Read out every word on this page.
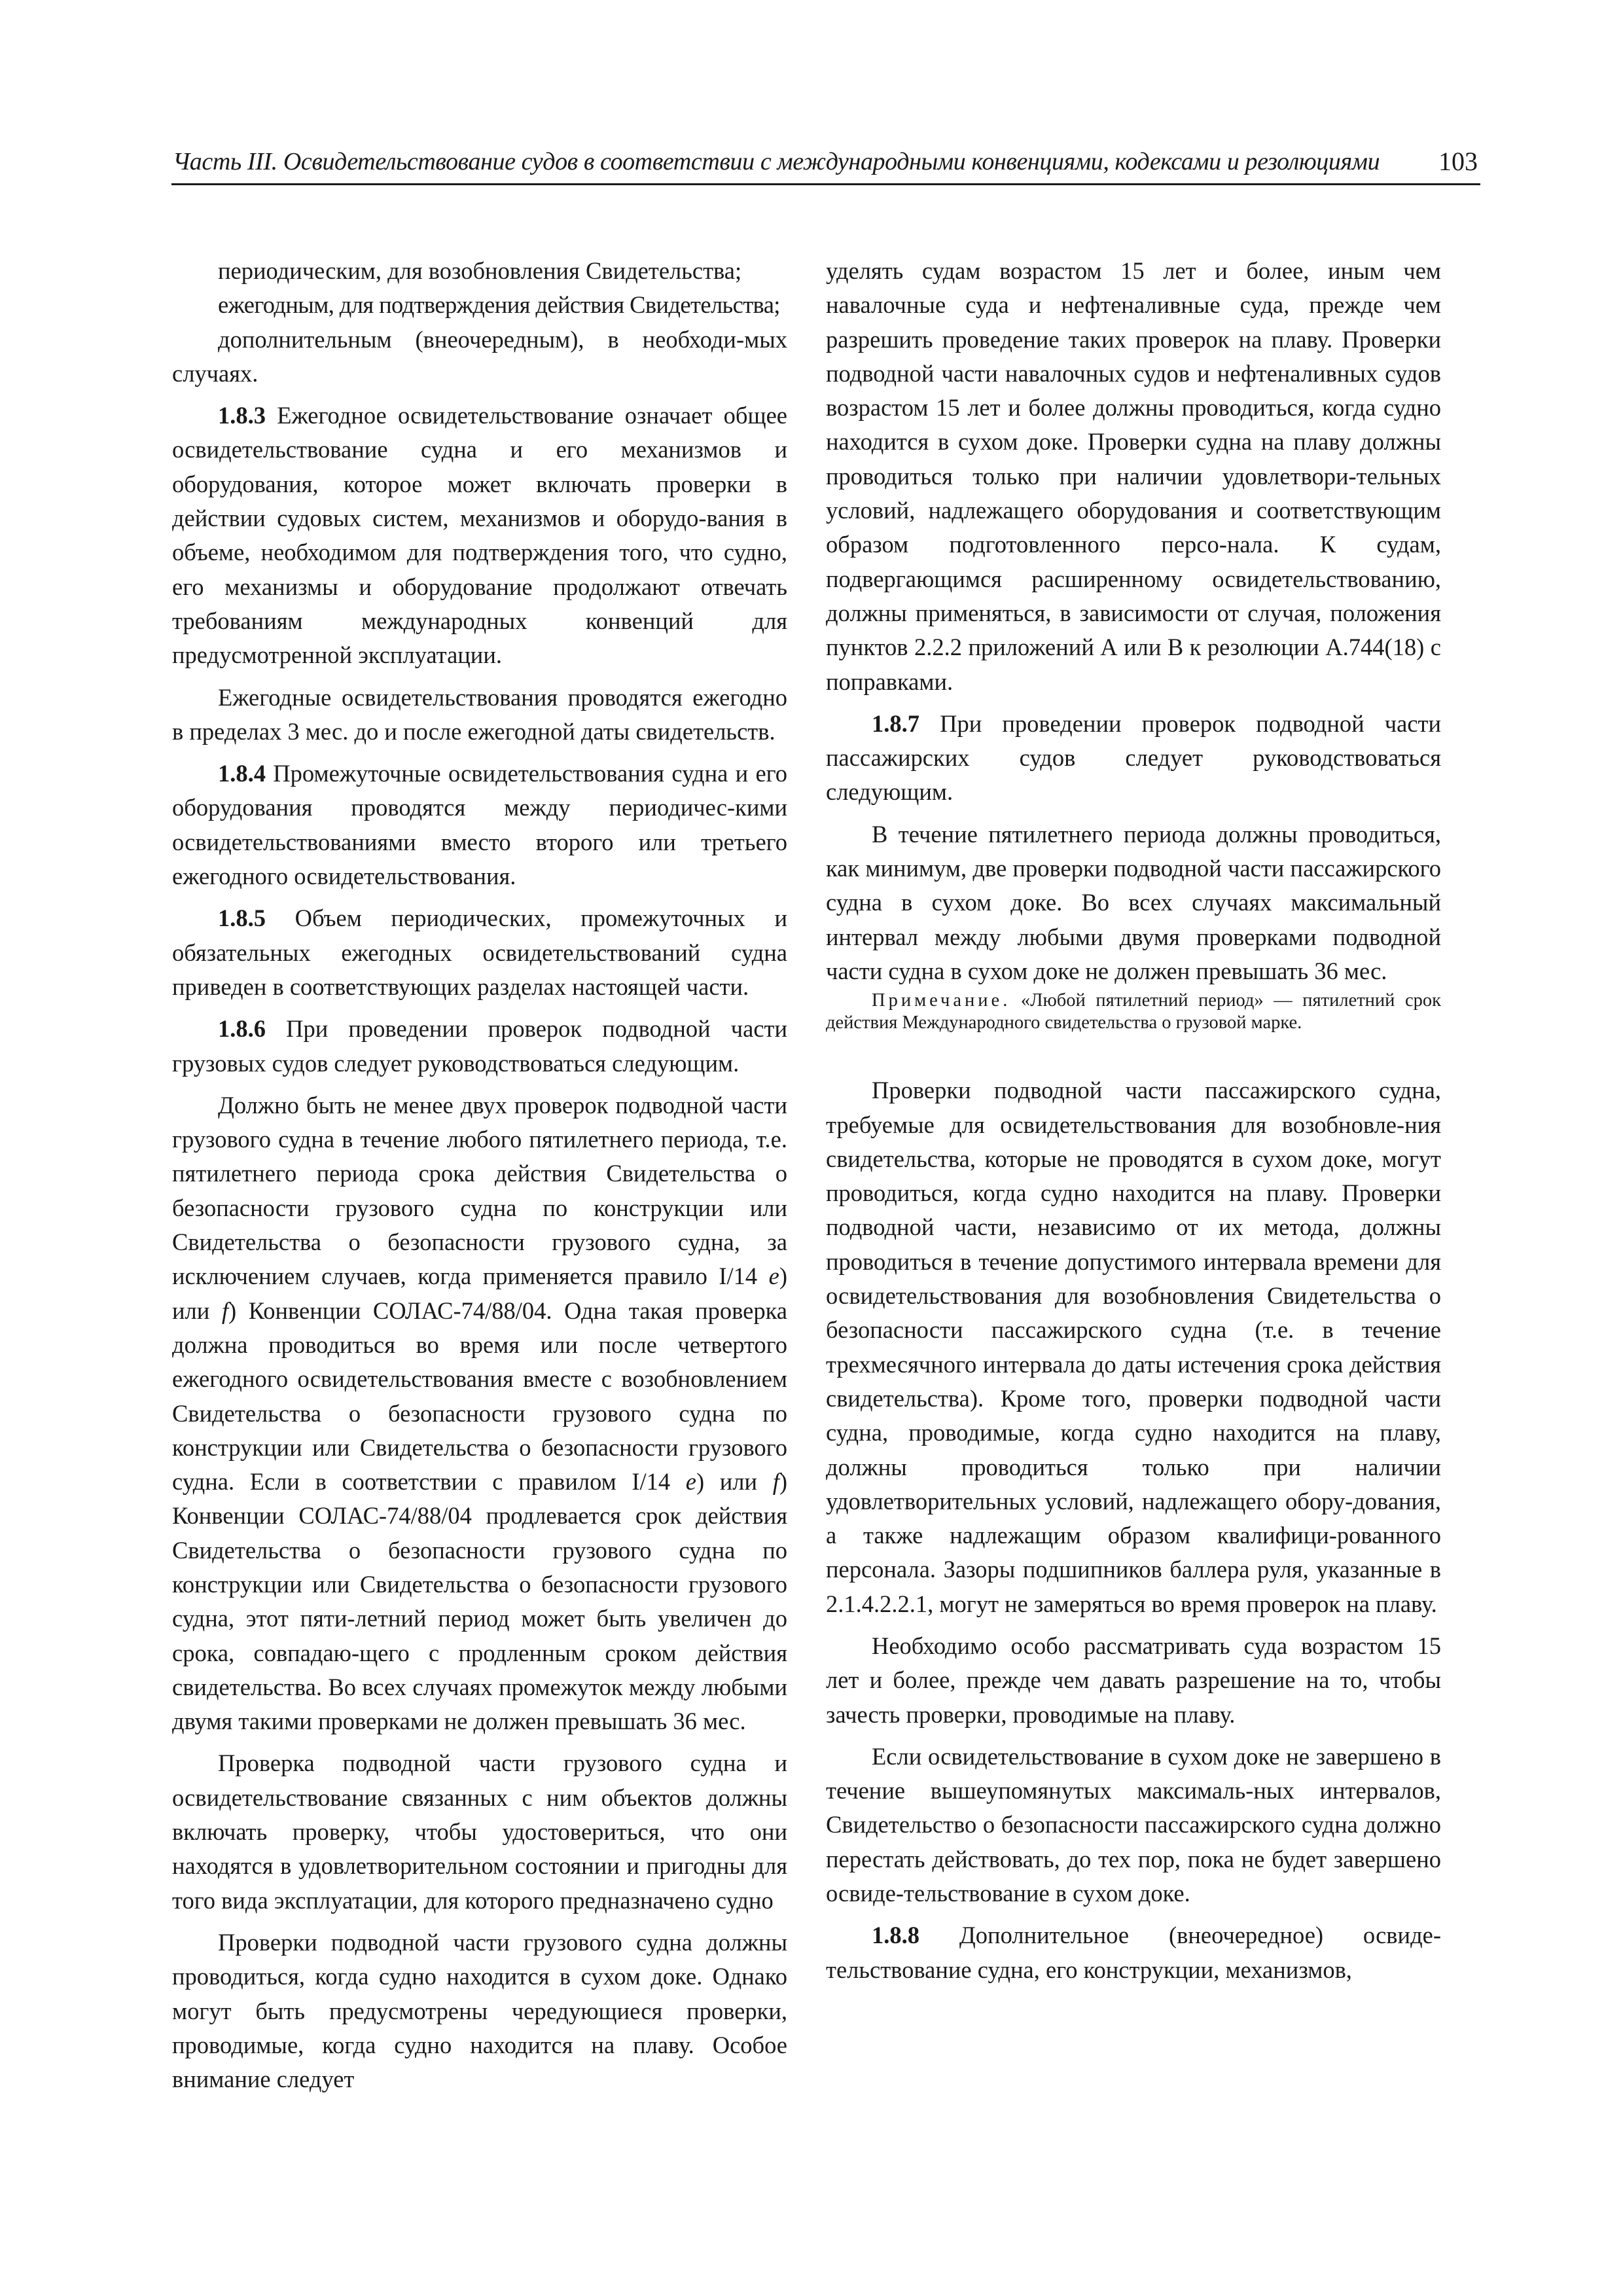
Часть III. Освидетельствование судов в соответствии с международными конвенциями, кодексами и резолюциями 103

периодическим, для возобновления Свидетельства;

ежегодным, для подтверждения действия Свидетельства;

дополнительным (внеочередным), в необходи-мых случаях.

1.8.3 Ежегодное освидетельствование означает общее освидетельствование судна и его механизмов и оборудования, которое может включать проверки в действии судовых систем, механизмов и оборудо-вания в объеме, необходимом для подтверждения того, что судно, его механизмы и оборудование продолжают отвечать требованиям международных конвенций для предусмотренной эксплуатации.

Ежегодные освидетельствования проводятся ежегодно в пределах 3 мес. до и после ежегодной даты свидетельств.

1.8.4 Промежуточные освидетельствования судна и его оборудования проводятся между периодичес-кими освидетельствованиями вместо второго или третьего ежегодного освидетельствования.

1.8.5 Объем периодических, промежуточных и обязательных ежегодных освидетельствований судна приведен в соответствующих разделах настоящей части.

1.8.6 При проведении проверок подводной части грузовых судов следует руководствоваться следующим.

Должно быть не менее двух проверок подводной части грузового судна в течение любого пятилетнего периода, т.е. пятилетнего периода срока действия Свидетельства о безопасности грузового судна по конструкции или Свидетельства о безопасности грузового судна, за исключением случаев, когда применяется правило I/14 e) или f) Конвенции СОЛАС-74/88/04. Одна такая проверка должна проводиться во время или после четвертого ежегодного освидетельствования вместе с возобновлением Свидетельства о безопасности грузового судна по конструкции или Свидетельства о безопасности грузового судна. Если в соответствии с правилом I/14 e) или f) Конвенции СОЛАС-74/88/04 продлевается срок действия Свидетельства о безопасности грузового судна по конструкции или Свидетельства о безопасности грузового судна, этот пяти-летний период может быть увеличен до срока, совпадаю-щего с продленным сроком действия свидетельства. Во всех случаях промежуток между любыми двумя такими проверками не должен превышать 36 мес.

Проверка подводной части грузового судна и освидетельствование связанных с ним объектов должны включать проверку, чтобы удостовериться, что они находятся в удовлетворительном состоянии и пригодны для того вида эксплуатации, для которого предназначено судно

Проверки подводной части грузового судна должны проводиться, когда судно находится в сухом доке. Однако могут быть предусмотрены чередующиеся проверки, проводимые, когда судно находится на плаву. Особое внимание следует

уделять судам возрастом 15 лет и более, иным чем навалочные суда и нефтеналивные суда, прежде чем разрешить проведение таких проверок на плаву. Проверки подводной части навалочных судов и нефтеналивных судов возрастом 15 лет и более должны проводиться, когда судно находится в сухом доке. Проверки судна на плаву должны проводиться только при наличии удовлетвори-тельных условий, надлежащего оборудования и соответствующим образом подготовленного персо-нала. К судам, подвергающимся расширенному освидетельствованию, должны применяться, в зависимости от случая, положения пунктов 2.2.2 приложений А или В к резолюции А.744(18) с поправками.

1.8.7 При проведении проверок подводной части пассажирских судов следует руководствоваться следующим.

В течение пятилетнего периода должны проводиться, как минимум, две проверки подводной части пассажирского судна в сухом доке. Во всех случаях максимальный интервал между любыми двумя проверками подводной части судна в сухом доке не должен превышать 36 мес.

Примечание. «Любой пятилетний период» — пятилетний срок действия Международного свидетельства о грузовой марке.

Проверки подводной части пассажирского судна, требуемые для освидетельствования для возобновле-ния свидетельства, которые не проводятся в сухом доке, могут проводиться, когда судно находится на плаву. Проверки подводной части, независимо от их метода, должны проводиться в течение допустимого интервала времени для освидетельствования для возобновления Свидетельства о безопасности пассажирского судна (т.е. в течение трехмесячного интервала до даты истечения срока действия свидетельства). Кроме того, проверки подводной части судна, проводимые, когда судно находится на плаву, должны проводиться только при наличии удовлетворительных условий, надлежащего обору-дования, а также надлежащим образом квалифици-рованного персонала. Зазоры подшипников баллера руля, указанные в 2.1.4.2.2.1, могут не замеряться во время проверок на плаву.

Необходимо особо рассматривать суда возрастом 15 лет и более, прежде чем давать разрешение на то, чтобы зачесть проверки, проводимые на плаву.

Если освидетельствование в сухом доке не завершено в течение вышеупомянутых максималь-ных интервалов, Свидетельство о безопасности пассажирского судна должно перестать действовать, до тех пор, пока не будет завершено освиде-тельствование в сухом доке.

1.8.8 Дополнительное (внеочередное) освиде-тельствование судна, его конструкции, механизмов,
